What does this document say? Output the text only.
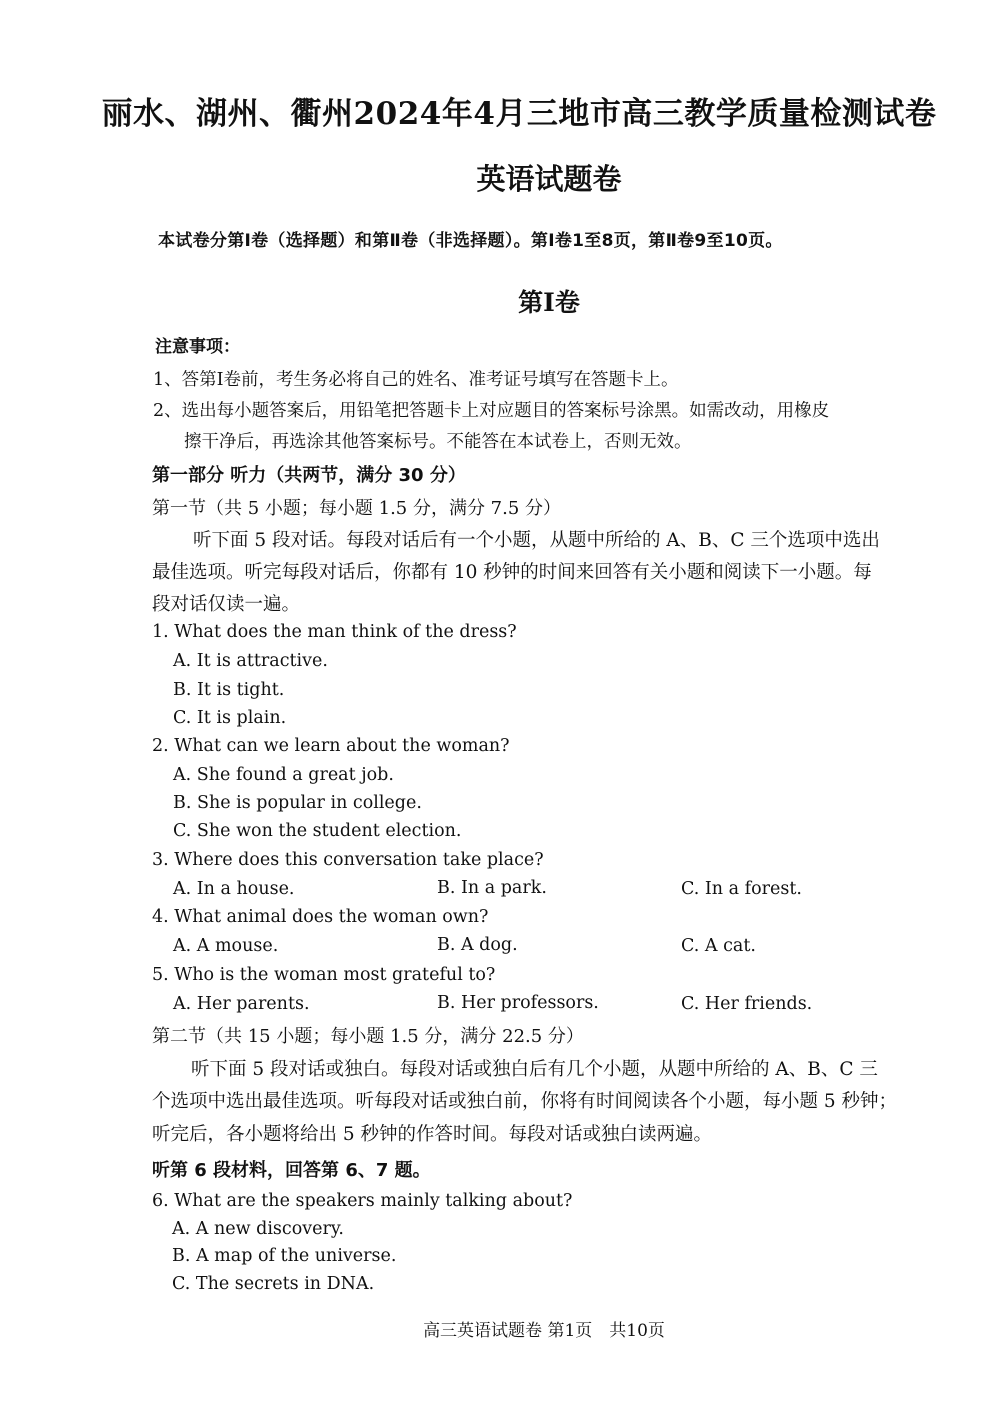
丽水、湖州、衢州2024年4月三地市高三教学质量检测试卷
英语试题卷
本试卷分第Ⅰ卷（选择题）和第Ⅱ卷（非选择题）。第Ⅰ卷1至8页，第Ⅱ卷9至10页。
第Ⅰ卷
注意事项：
1、答第Ⅰ卷前，考生务必将自己的姓名、准考证号填写在答题卡上。
2、选出每小题答案后，用铅笔把答题卡上对应题目的答案标号涂黑。如需改动，用橡皮
擦干净后，再选涂其他答案标号。不能答在本试卷上，否则无效。
第一部分 听力（共两节，满分 30 分）
第一节（共 5 小题；每小题 1.5 分，满分 7.5 分）
听下面 5 段对话。每段对话后有一个小题，从题中所给的 A、B、C 三个选项中选出
最佳选项。听完每段对话后，你都有 10 秒钟的时间来回答有关小题和阅读下一小题。每
段对话仅读一遍。
1. What does the man think of the dress?
A. It is attractive.
B. It is tight.
C. It is plain.
2. What can we learn about the woman?
A. She found a great job.
B. She is popular in college.
C. She won the student election.
3. Where does this conversation take place?
A. In a house.	B. In a park.	C. In a forest.
4. What animal does the woman own?
A. A mouse.	B. A dog.	C. A cat.
5. Who is the woman most grateful to?
A. Her parents.	B. Her professors.	C. Her friends.
第二节（共 15 小题；每小题 1.5 分，满分 22.5 分）
听下面 5 段对话或独白。每段对话或独白后有几个小题，从题中所给的 A、B、C 三
个选项中选出最佳选项。听每段对话或独白前，你将有时间阅读各个小题，每小题 5 秒钟；
听完后，各小题将给出 5 秒钟的作答时间。每段对话或独白读两遍。
听第 6 段材料，回答第 6、7 题。
6. What are the speakers mainly talking about?
A. A new discovery.
B. A map of the universe.
C. The secrets in DNA.
高三英语试题卷 第1页　共10页
